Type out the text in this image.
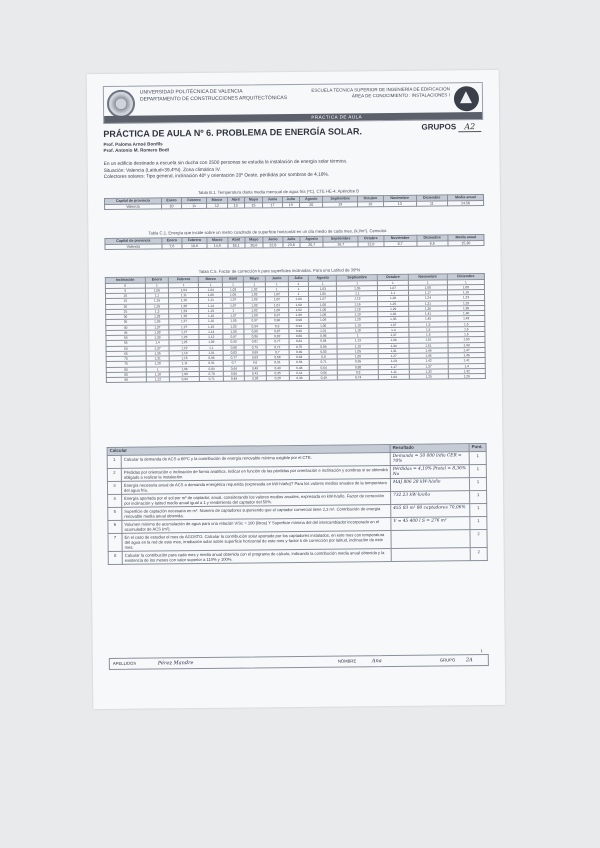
UNIVERSIDAD POLITÉCNICA DE VALENCIA
DEPARTAMENTO DE CONSTRUCCIONES ARQUITECTÓNICAS
ESCUELA TÉCNICA SUPERIOR DE INGENIERÍA DE EDIFICACIÓN
ÁREA DE CONOCIMIENTO : INSTALACIONES I
PRÁCTICA DE AULA
PRÁCTICA DE AULA Nº 6. PROBLEMA DE ENERGÍA SOLAR.	GRUPOS A2
Prof. Paloma Arnoé Bonfils
Prof. Antonio M. Romero Bodí
En un edificio destinado a escuela sin ducha con 2500 personas se estudia la instalación de energía solar térmica.
Situación: Valencia (Latitud=39,4ºN). Zona climática IV.
Colectores solares: Tipo general, inclinación 40º y orientación 20º Oeste, pérdidas por sombras de 4,18%.
Tabla B.1. Temperatura diaria media mensual de agua fría (ºC). CTE HE-4. Apéndice B
Capital de provincia	Enero	Febrero	Marzo	Abril	Mayo	Junio	Julio	Agosto	Septiembre	Octubre	Noviembre	Diciembre	Media anual
Valencia	10	11	12	13	15	17	19	20	19	16	13	11	14,58
Tabla C.1. Energía que incide sobre un metro cuadrado de superficie horizontal en un día medio de cada mes, (kJ/m²). Censolar.
Capital de provincia	Enero	Febrero	Marzo	Abril	Mayo	Junio	Julio	Agosto	Septiembre	Octubre	Noviembre	Diciembre	Media anual
Valencia	7,6	10,6	14,9	18,1	20,6	22,8	23,8	20,7	16,7	12,0	8,7	6,6	15,30
Tabla C.5. Factor de corrección k para superficies inclinadas. Para una Latitud de 39ºN
Inclinación	Enero	Febrero	Marzo	Abril	Mayo	Junio	Julio	Agosto	Septiembre	Octubre	Noviembre	Diciembre
0	1	1	1	1	1	1	1	1	1	1	1	1
5	1,05	1,04	1,04	1,03	1,02	1	1	1,03	1,05	1,07	1,08	1,08
10	1,1	1,11	1,08	1,05	1,03	1,02	1	1,06	1,1	1,1	1,17	1,16
15	1,15	1,16	1,11	1,07	1,03	1,02	1,03	1,07	1,13	1,20	1,24	1,23
20	1,25	1,20	1,14	1,07	1,03	1,01	1,03	1,08	1,16	1,25	1,31	1,29
25	1,3	1,23	1,15	1	1,02	1,00	1,02	1,08	1,18	1,29	1,36	1,35
30	1,33	1,25	1,16	1,07	1,00	0,97	1,00	1,08	1,19	1,32	1,41	1,40
35	1,35	1,27	1,16	1,05	0,97	0,96	0,98	1,08	1,20	1,35	1,45	1,43
40	1,37	1,27	1,15	1,03	0,94	0,9	0,94	1,06	1,19	1,37	1,5	1,5
45	1,38	1,27	1,14	1,00	0,90	0,87	0,90	1,01	1,18	1,4	1,5	1,5
50	1,39	1,26	1,12	0,97	0,86	0,82	0,86	0,98	1	1,37	1,5	1,5
55	1,4	1,25	1,09	0,93	0,81	0,77	0,81	0,94	1,13	1,36	1,51	1,50
60	1,37	1,22	1,1	0,88	0,75	0,71	0,75	0,89	1,10	1,34	1,51	1,49
65	1,35	1,19	1,01	0,83	0,69	0,7	0,69	0,83	1,05	1,31	1,49	1,47
70	1,31	1,15	0,96	0,77	0,63	0,58	0,63	0,8	1,00	1,27	1,46	1,45
75	1,28	1,11	0,91	0,7	0,6	0,51	0,56	0,71	0,95	1,23	1,42	1,41
80	1	1,06	0,84	0,64	0,49	0,43	0,48	0,64	0,88	1,17	1,37	1,4
85	1,18	1,00	0,78	0,56	0,41	0,35	0,41	0,56	0,8	1,11	1,32	1,32
90	1,12	0,94	0,71	0,49	0,33	0,28	0,33	0,49	0,74	1,04	1,25	1,26
Calcular		Resultado	Punt.
1	Calcular la demanda de ACS a 60ºC y la contribución de energía renovable mínima exigible por el CTE.	Demanda = 50 000 l/día CER = 70%	1
2	Pérdidas por orientación e inclinación de forma analítica. Indicar en función de las pérdidas por orientación e inclinación y sombras si se obtendrá obligado a realizar la instalación.	Pérdidas = 4,19% Ptotal = 8,36% No	1
3	Energía necesaria anual de ACS a demanda energética requerida (expresada en kW·h/año)? Para los valores medios anuales de la temperatura del agua fría.	MAJ 806 28 kW·h/año	1
4	Energía aportada por el sol por m² de captador, anual, considerando los valores medios anuales, expresada en kW·h/año. Factor de corrección por inclinación y latitud medio anual igual a 1 y rendimiento del captador del 50%.	732 23 kW·h/año	1
5	Superficie de captación necesaria en m². Número de captadores suponiendo que el captador comercial tiene 2,3 m². Contribución de energía renovable media anual obtenida.	455 83 m² 80 captadores 70,06%	1
6	Volumen mínimo de acumulación de agua para una relación V/Sc = 100 (litros) Y Superficie mínima del del intercambiador incorporado en el acumulador de ACS (m²).	V = 45 400 l S = 276 m²	1
7	En el caso de estudiar el mes de AGOSTO. Calcular la contribución solar aportado por los captadores instalados, en este mes con temperatura del agua en la red de este mes, irradiación solar sobre superficie horizontal de este mes y factor k de corrección por latitud, inclinación de este mes.		2
8	Calcular la contribución para cada mes y media anual obtenida con el programa de cálculo, indicando la contribución media anual obtenida y la existencia de los meses con valor superior a 110% y 100%.		2
1
APELLIDOS	Pérez Mandre	NOMBRE	Ana	GRUPO 2A
